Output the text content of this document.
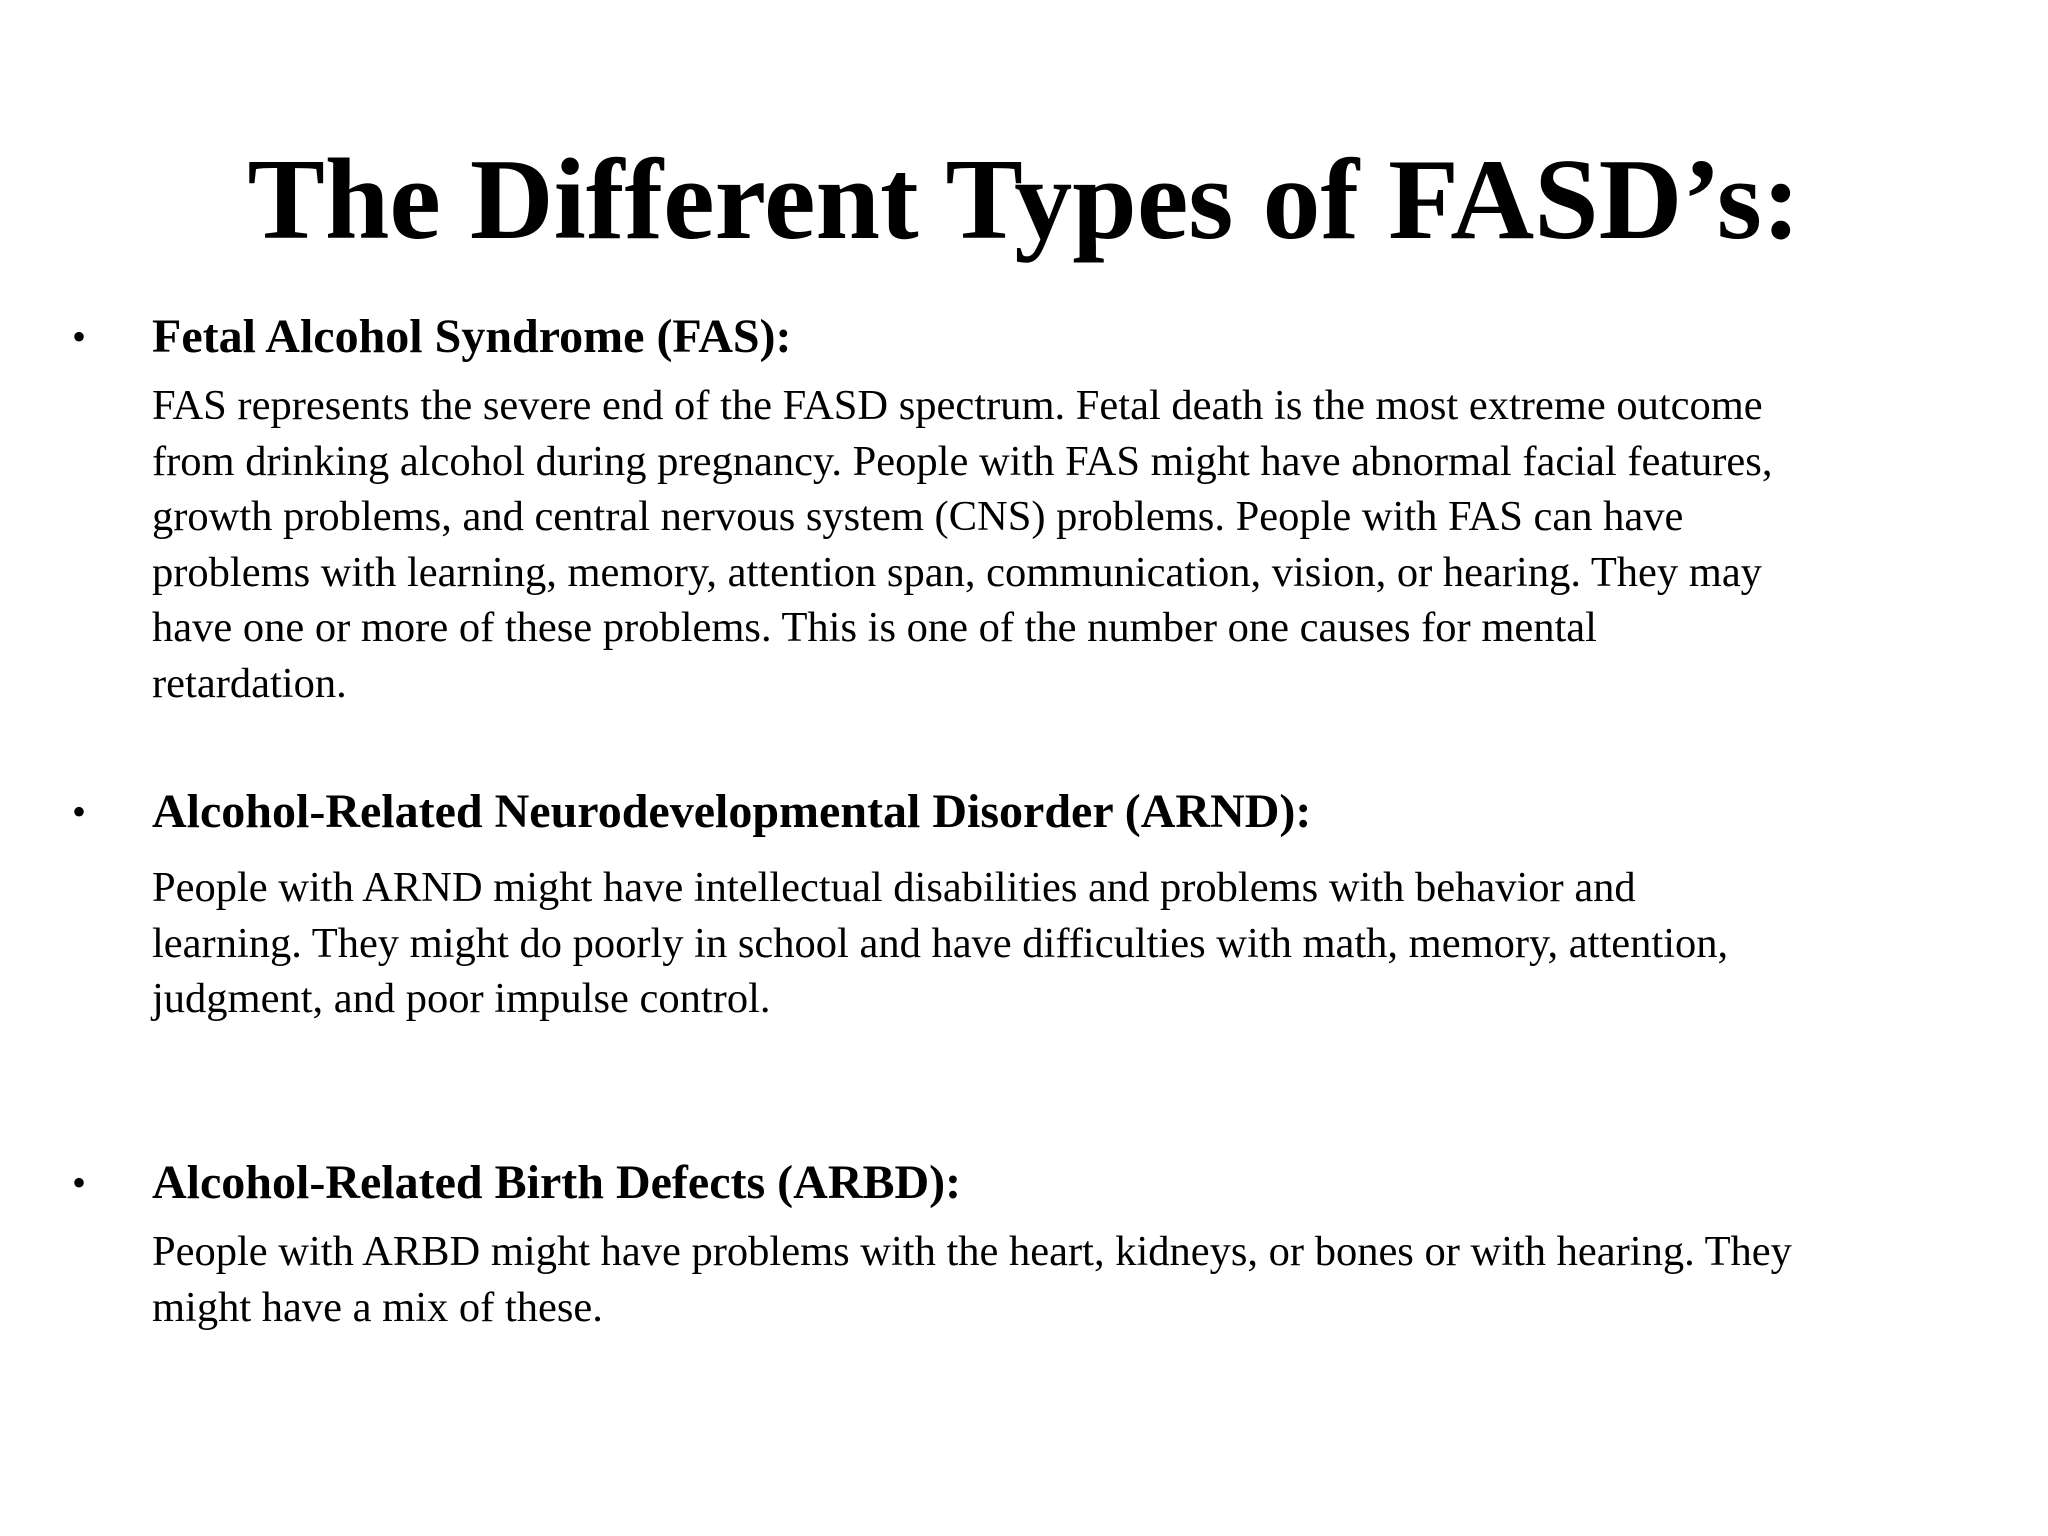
The Different Types of FASD’s:
• Fetal Alcohol Syndrome (FAS):

FAS represents the severe end of the FASD spectrum. Fetal death is the most extreme outcome
from drinking alcohol during pregnancy. People with FAS might have abnormal facial features,
growth problems, and central nervous system (CNS) problems. People with FAS can have
problems with learning, memory, attention span, communication, vision, or hearing. They may
have one or more of these problems. This is one of the number one causes for mental
retardation.

• Alcohol-Related Neurodevelopmental Disorder (ARND):

People with ARND might have intellectual disabilities and problems with behavior and
learning. They might do poorly in school and have difficulties with math, memory, attention,
judgment, and poor impulse control.

• Alcohol-Related Birth Defects (ARBD):

People with ARBD might have problems with the heart, kidneys, or bones or with hearing. They
might have a mix of these.
